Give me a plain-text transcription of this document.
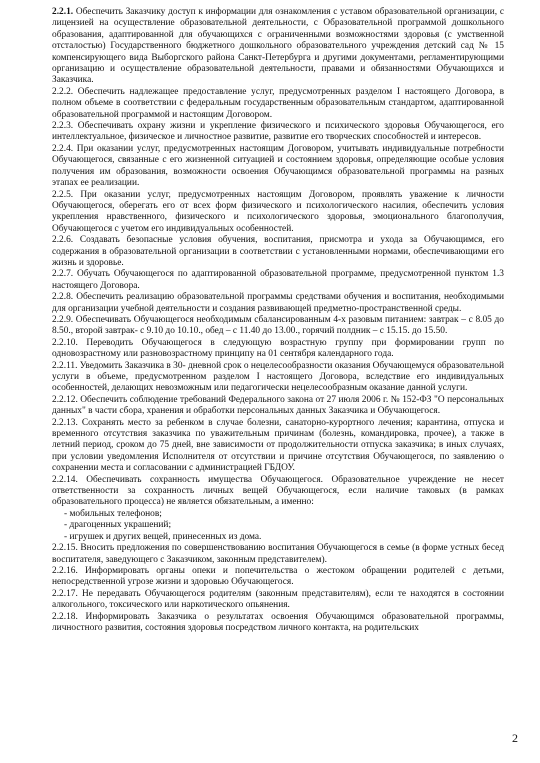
2.2.1. Обеспечить Заказчику доступ к информации для ознакомления с уставом образовательной организации, с лицензией на осуществление образовательной деятельности, с Образовательной программой дошкольного образования, адаптированной для обучающихся с ограниченными возможностями здоровья (с умственной отсталостью) Государственного бюджетного дошкольного образовательного учреждения детский сад № 15 компенсирующего вида Выборгского района Санкт-Петербурга и другими документами, регламентирующими организацию и осуществление образовательной деятельности, правами и обязанностями Обучающихся и Заказчика.

2.2.2. Обеспечить надлежащее предоставление услуг, предусмотренных разделом I настоящего Договора, в полном объеме в соответствии с федеральным государственным образовательным стандартом, адаптированной образовательной программой и настоящим Договором.

2.2.3. Обеспечивать охрану жизни и укрепление физического и психического здоровья Обучающегося, его интеллектуальное, физическое и личностное развитие, развитие его творческих способностей и интересов.

2.2.4. При оказании услуг, предусмотренных настоящим Договором, учитывать индивидуальные потребности Обучающегося, связанные с его жизненной ситуацией и состоянием здоровья, определяющие особые условия получения им образования, возможности освоения Обучающимся образовательной программы на разных этапах ее реализации.

2.2.5. При оказании услуг, предусмотренных настоящим Договором, проявлять уважение к личности Обучающегося, оберегать его от всех форм физического и психологического насилия, обеспечить условия укрепления нравственного, физического и психологического здоровья, эмоционального благополучия, Обучающегося с учетом его индивидуальных особенностей.

2.2.6. Создавать безопасные условия обучения, воспитания, присмотра и ухода за Обучающимся, его содержания в образовательной организации в соответствии с установленными нормами, обеспечивающими его жизнь и здоровье.

2.2.7. Обучать Обучающегося по адаптированной образовательной программе, предусмотренной пунктом 1.3 настоящего Договора.

2.2.8. Обеспечить реализацию образовательной программы средствами обучения и воспитания, необходимыми для организации учебной деятельности и создания развивающей предметно-пространственной среды.

2.2.9. Обеспечивать Обучающегося необходимым сбалансированным 4-х разовым питанием: завтрак – с 8.05 до 8.50., второй завтрак- с 9.10 до 10.10., обед – с 11.40 до 13.00., горячий полдник – с 15.15. до 15.50.

2.2.10. Переводить Обучающегося в следующую возрастную группу при формировании групп по одновозрастному или разновозрастному принципу на 01 сентября календарного года.

2.2.11. Уведомить Заказчика в 30- дневной срок о нецелесообразности оказания Обучающемуся образовательной услуги в объеме, предусмотренном разделом I настоящего Договора, вследствие его индивидуальных особенностей, делающих невозможным или педагогически нецелесообразным оказание данной услуги.

2.2.12. Обеспечить соблюдение требований Федерального закона от 27 июля 2006 г. № 152-ФЗ "О персональных данных" в части сбора, хранения и обработки персональных данных Заказчика и Обучающегося.

2.2.13. Сохранять место за ребенком в случае болезни, санаторно-курортного лечения; карантина, отпуска и временного отсутствия заказчика по уважительным причинам (болезнь, командировка, прочее), а также в летний период, сроком до 75 дней, вне зависимости от продолжительности отпуска заказчика; в иных случаях, при условии уведомления Исполнителя от отсутствии и причине отсутствия Обучающегося, по заявлению о сохранении места и согласовании с администрацией ГБДОУ.

2.2.14. Обеспечивать сохранность имущества Обучающегося. Образовательное учреждение не несет ответственности за сохранность личных вещей Обучающегося, если наличие таковых (в рамках образовательного процесса) не является обязательным, а именно:

- мобильных телефонов;

- драгоценных украшений;

- игрушек и других вещей, принесенных из дома.

2.2.15. Вносить предложения по совершенствованию воспитания Обучающегося в семье (в форме устных бесед воспитателя, заведующего с Заказчиком, законным представителем).

2.2.16. Информировать органы опеки и попечительства о жестоком обращении родителей с детьми, непосредственной угрозе жизни и здоровью Обучающегося.

2.2.17. Не передавать Обучающегося родителям (законным представителям), если те находятся в состоянии алкогольного, токсического или наркотического опьянения.

2.2.18. Информировать Заказчика о результатах освоения Обучающимся образовательной программы, личностного развития, состояния здоровья посредством личного контакта, на родительских

2
